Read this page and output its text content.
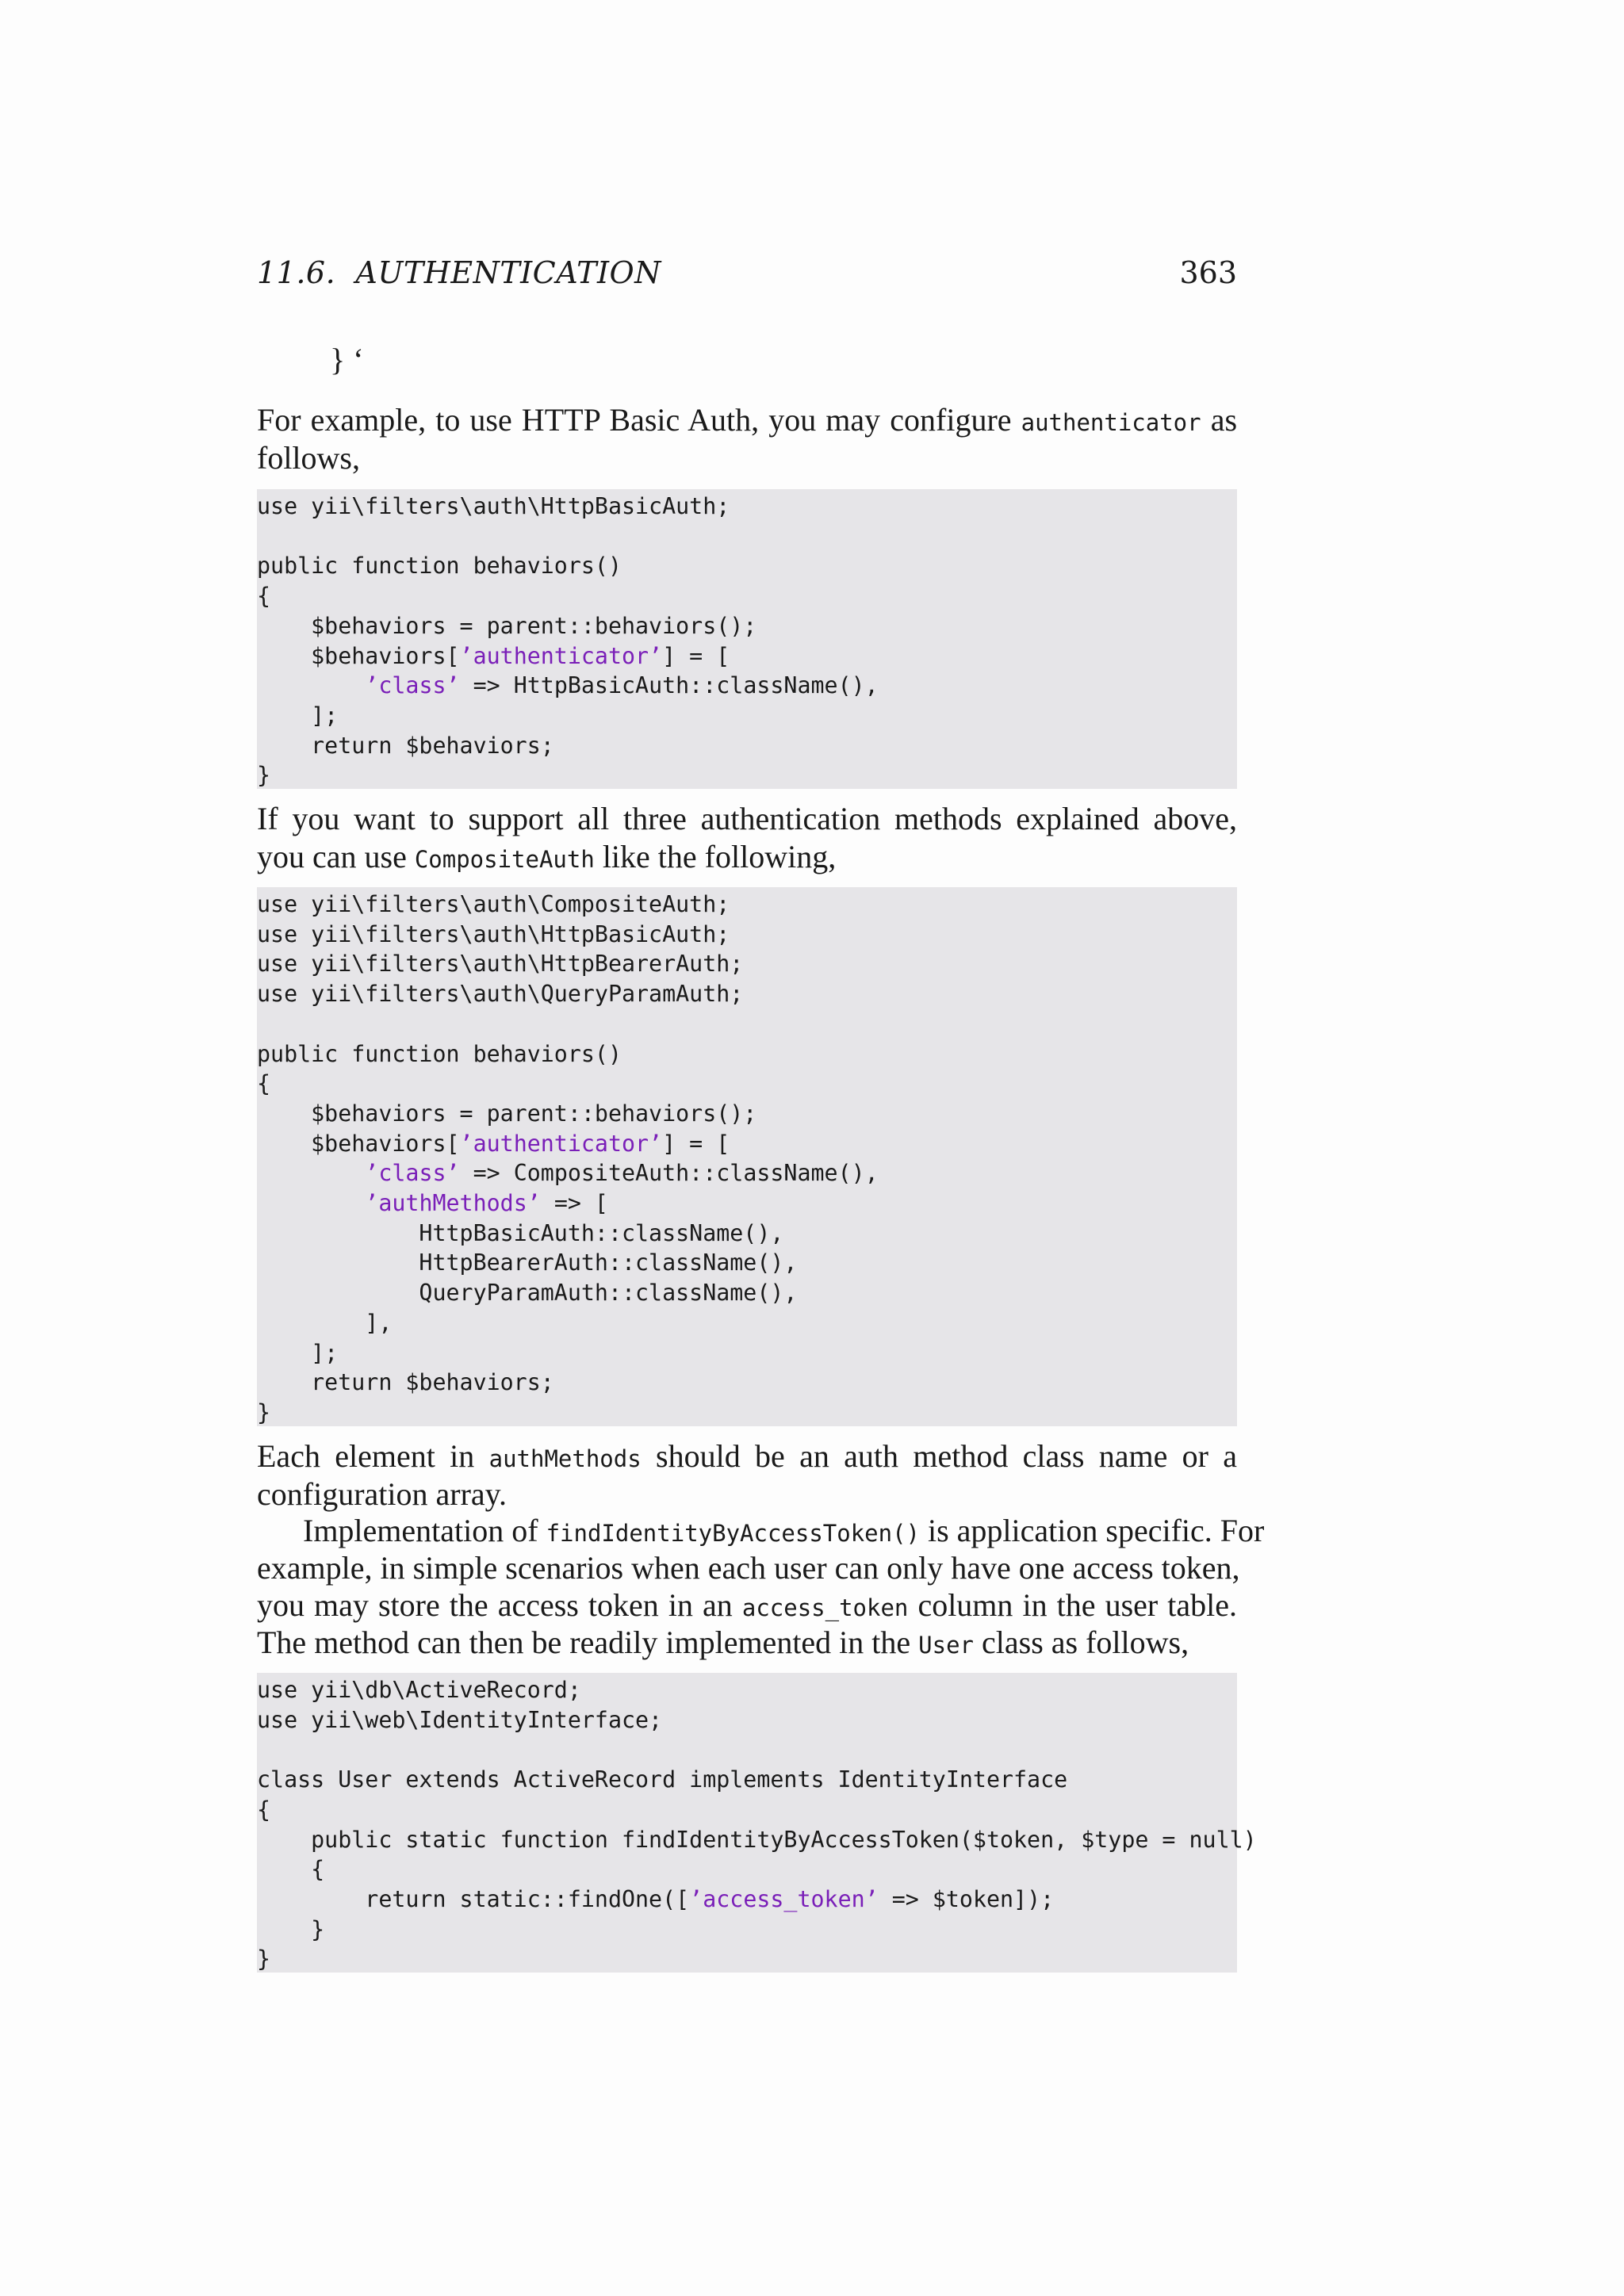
11.6. AUTHENTICATION	363
} ‘
For example, to use HTTP Basic Auth, you may configure authenticator as
follows,
use yii\filters\auth\HttpBasicAuth;
public function behaviors()
{
$behaviors = parent::behaviors();
$behaviors[’authenticator’] = [
’class’ => HttpBasicAuth::className(),
];
return $behaviors;
}
If you want to support all three authentication methods explained above,
you can use CompositeAuth like the following,
use yii\filters\auth\CompositeAuth;
use yii\filters\auth\HttpBasicAuth;
use yii\filters\auth\HttpBearerAuth;
use yii\filters\auth\QueryParamAuth;
public function behaviors()
{
$behaviors = parent::behaviors();
$behaviors[’authenticator’] = [
’class’ => CompositeAuth::className(),
’authMethods’ => [
HttpBasicAuth::className(),
HttpBearerAuth::className(),
QueryParamAuth::className(),
],
];
return $behaviors;
}
Each element in authMethods should be an auth method class name or a
configuration array.
Implementation of findIdentityByAccessToken() is application specific. For
example, in simple scenarios when each user can only have one access token,
you may store the access token in an access_token column in the user table.
The method can then be readily implemented in the User class as follows,
use yii\db\ActiveRecord;
use yii\web\IdentityInterface;
class User extends ActiveRecord implements IdentityInterface
{
public static function findIdentityByAccessToken($token, $type = null)
{
return static::findOne([’access_token’ => $token]);
}
}
